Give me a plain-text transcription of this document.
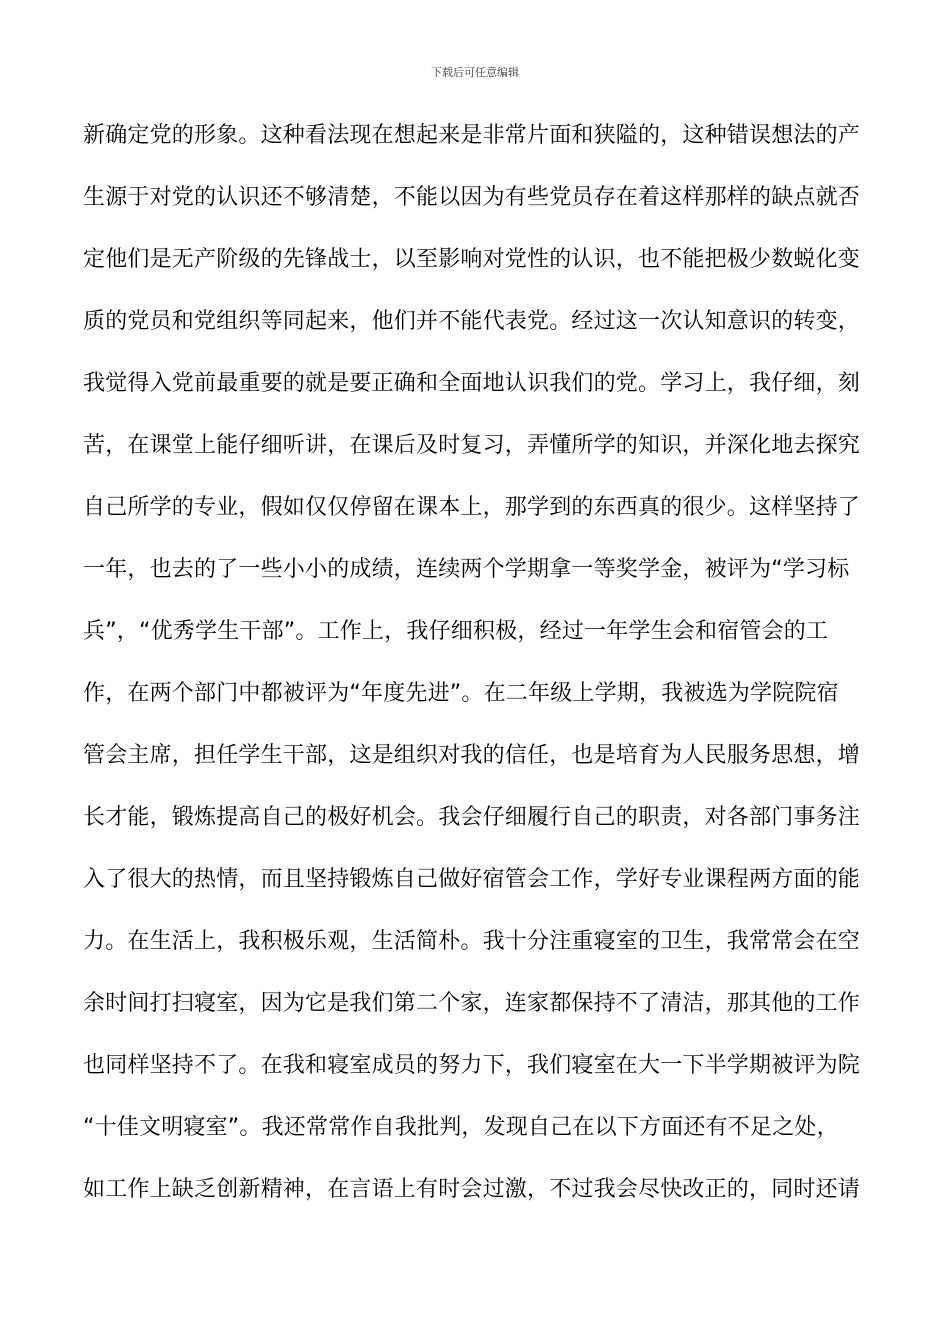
下载后可任意编辑
新确定党的形象。这种看法现在想起来是非常片面和狭隘的，这种错误想法的产
生源于对党的认识还不够清楚，不能以因为有些党员存在着这样那样的缺点就否
定他们是无产阶级的先锋战士，以至影响对党性的认识，也不能把极少数蜕化变
质的党员和党组织等同起来，他们并不能代表党。经过这一次认知意识的转变，
我觉得入党前最重要的就是要正确和全面地认识我们的党。学习上，我仔细，刻
苦，在课堂上能仔细听讲，在课后及时复习，弄懂所学的知识，并深化地去探究
自己所学的专业，假如仅仅停留在课本上，那学到的东西真的很少。这样坚持了
一年，也去的了一些小小的成绩，连续两个学期拿一等奖学金，被评为“学习标
兵”，“优秀学生干部”。工作上，我仔细积极，经过一年学生会和宿管会的工
作，在两个部门中都被评为“年度先进”。在二年级上学期，我被选为学院院宿
管会主席，担任学生干部，这是组织对我的信任，也是培育为人民服务思想，增
长才能，锻炼提高自己的极好机会。我会仔细履行自己的职责，对各部门事务注
入了很大的热情，而且坚持锻炼自己做好宿管会工作，学好专业课程两方面的能
力。在生活上，我积极乐观，生活简朴。我十分注重寝室的卫生，我常常会在空
余时间打扫寝室，因为它是我们第二个家，连家都保持不了清洁，那其他的工作
也同样坚持不了。在我和寝室成员的努力下，我们寝室在大一下半学期被评为院
“十佳文明寝室”。我还常常作自我批判，发现自己在以下方面还有不足之处，
如工作上缺乏创新精神，在言语上有时会过激，不过我会尽快改正的，同时还请
